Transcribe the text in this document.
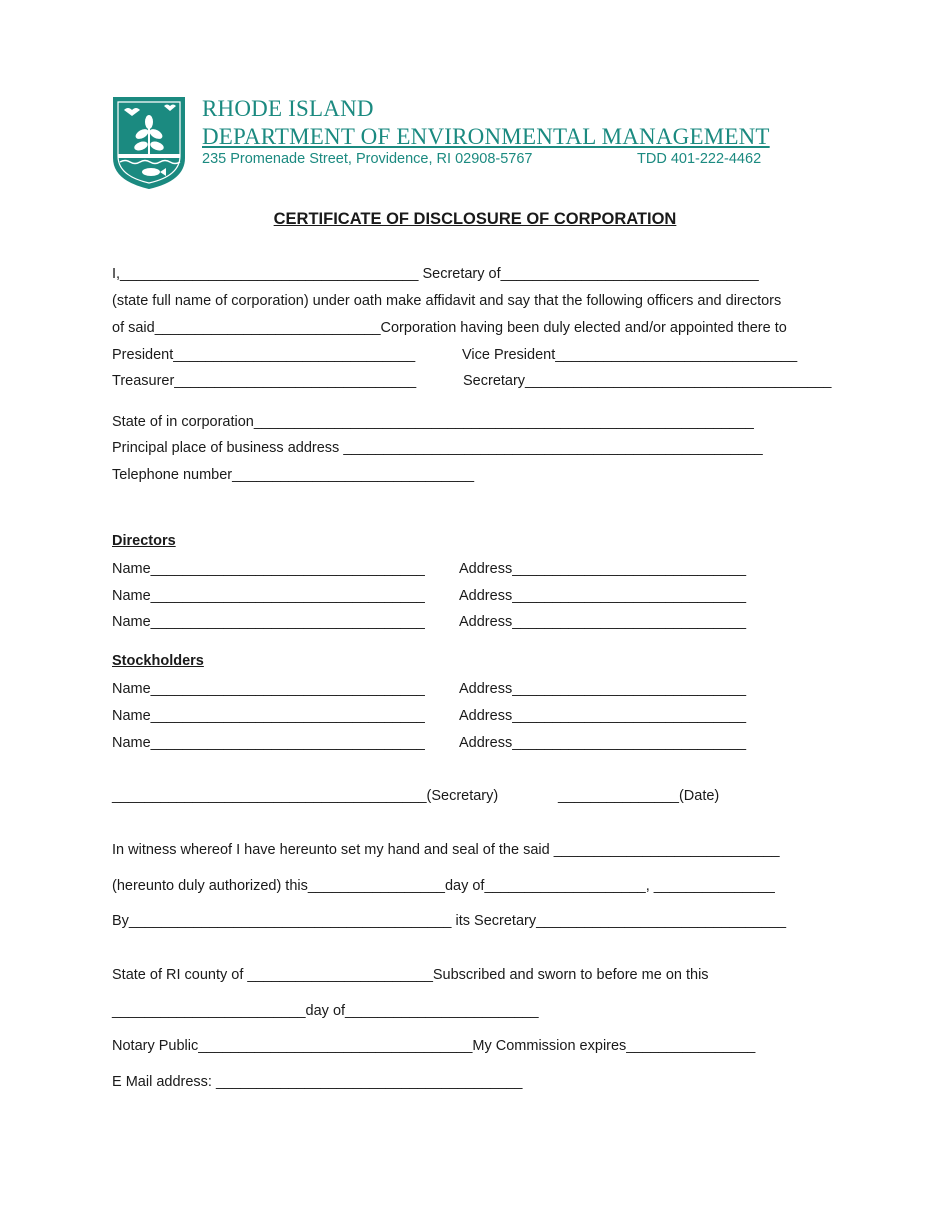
RHODE ISLAND
DEPARTMENT OF ENVIRONMENTAL MANAGEMENT
235 Promenade Street, Providence, RI 02908-5767	TDD 401-222-4462
CERTIFICATE OF DISCLOSURE OF CORPORATION
I,_____________________________________ Secretary of________________________________
(state full name of corporation) under oath make affidavit and say that the following officers and directors
of said____________________________Corporation having been duly elected and/or appointed there to
President______________________________	Vice President______________________________
Treasurer______________________________	Secretary______________________________________
State of in corporation______________________________________________________________
Principal place of business address ____________________________________________________
Telephone number______________________________
Directors
Name__________________________________ Address_____________________________
Name__________________________________ Address_____________________________
Name__________________________________ Address_____________________________
Stockholders
Name__________________________________ Address_____________________________
Name__________________________________ Address_____________________________
Name__________________________________ Address_____________________________
_______________________________________(Secretary)	_______________(Date)
In witness whereof I have hereunto set my hand and seal of the said ____________________________
(hereunto duly authorized) this_________________day of____________________, _______________
By________________________________________ its Secretary_______________________________
State of RI county of _______________________Subscribed and sworn to before me on this
________________________day of________________________
Notary Public__________________________________My Commission expires________________
E Mail address: ______________________________________
